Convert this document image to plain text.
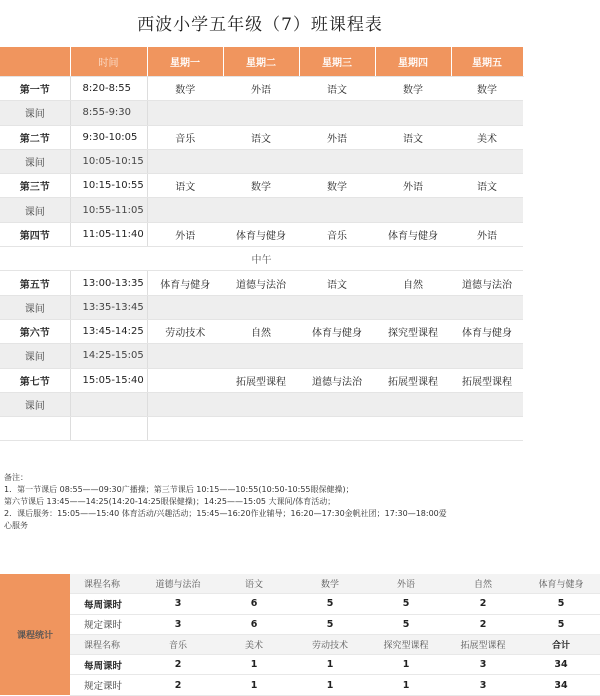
西波小学五年级（7）班课程表
	时间	星期一	星期二	星期三	星期四	星期五
第一节	8:20-8:55	数学	外语	语文	数学	数学
课间	8:55-9:30					
第二节	9:30-10:05	音乐	语文	外语	语文	美术
课间	10:05-10:15					
第三节	10:15-10:55	语文	数学	数学	外语	语文
课间	10:55-11:05					
第四节	11:05-11:40	外语	体育与健身	音乐	体育与健身	外语
中午						
第五节	13:00-13:35	体育与健身	道德与法治	语文	自然	道德与法治
课间	13:35-13:45					
第六节	13:45-14:25	劳动技术	自然	体育与健身	探究型课程	体育与健身
课间	14:25-15:05					
第七节	15:05-15:40		拓展型课程	道德与法治	拓展型课程	拓展型课程
课间						

备注：
1．第一节课后 08:55——09:30广播操；第三节课后 10:15——10:55(10:50-10:55眼保健操)；
第六节课后 13:45——14:25(14:20-14:25眼保健操)；14:25——15:05 大课间/体育活动；
2．课后服务：15:05——15:40 体育活动/兴趣活动；15:45—16:20作业辅导；16:20—17:30金帆社团；17:30—18:00爱
心服务
课程统计	课程名称	道德与法治	语文	数学	外语	自然	体育与健身
	每周课时	3	6	5	5	2	5
	规定课时	3	6	5	5	2	5
	课程名称	音乐	美术	劳动技术	探究型课程	拓展型课程	合计
	每周课时	2	1	1	1	3	34
	规定课时	2	1	1	1	3	34
